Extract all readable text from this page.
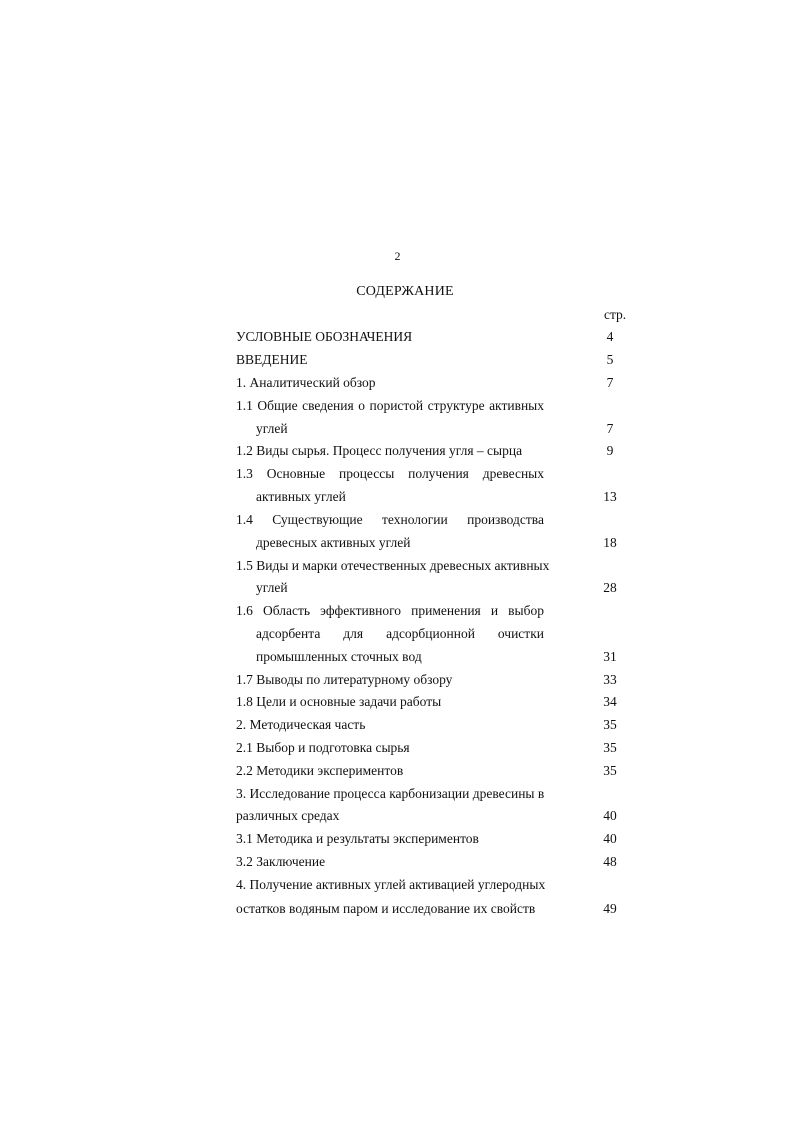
2
СОДЕРЖАНИЕ
стр.
УСЛОВНЫЕ ОБОЗНАЧЕНИЯ	4
ВВЕДЕНИЕ	5
1. Аналитический обзор	7
1.1 Общие сведения о пористой структуре активных
углей	7
1.2 Виды сырья. Процесс получения угля – сырца	9
1.3 Основные процессы получения древесных
активных углей	13
1.4 Существующие технологии производства
древесных активных углей	18
1.5 Виды и марки отечественных древесных активных
углей	28
1.6 Область эффективного применения и выбор
адсорбента для адсорбционной очистки
промышленных сточных вод	31
1.7 Выводы по литературному обзору	33
1.8 Цели и основные задачи работы	34
2. Методическая часть	35
2.1 Выбор и подготовка сырья	35
2.2 Методики экспериментов	35
3. Исследование процесса карбонизации древесины в
различных средах	40
3.1 Методика и результаты экспериментов	40
3.2 Заключение	48
4. Получение активных углей активацией углеродных
остатков водяным паром и исследование их свойств	49
